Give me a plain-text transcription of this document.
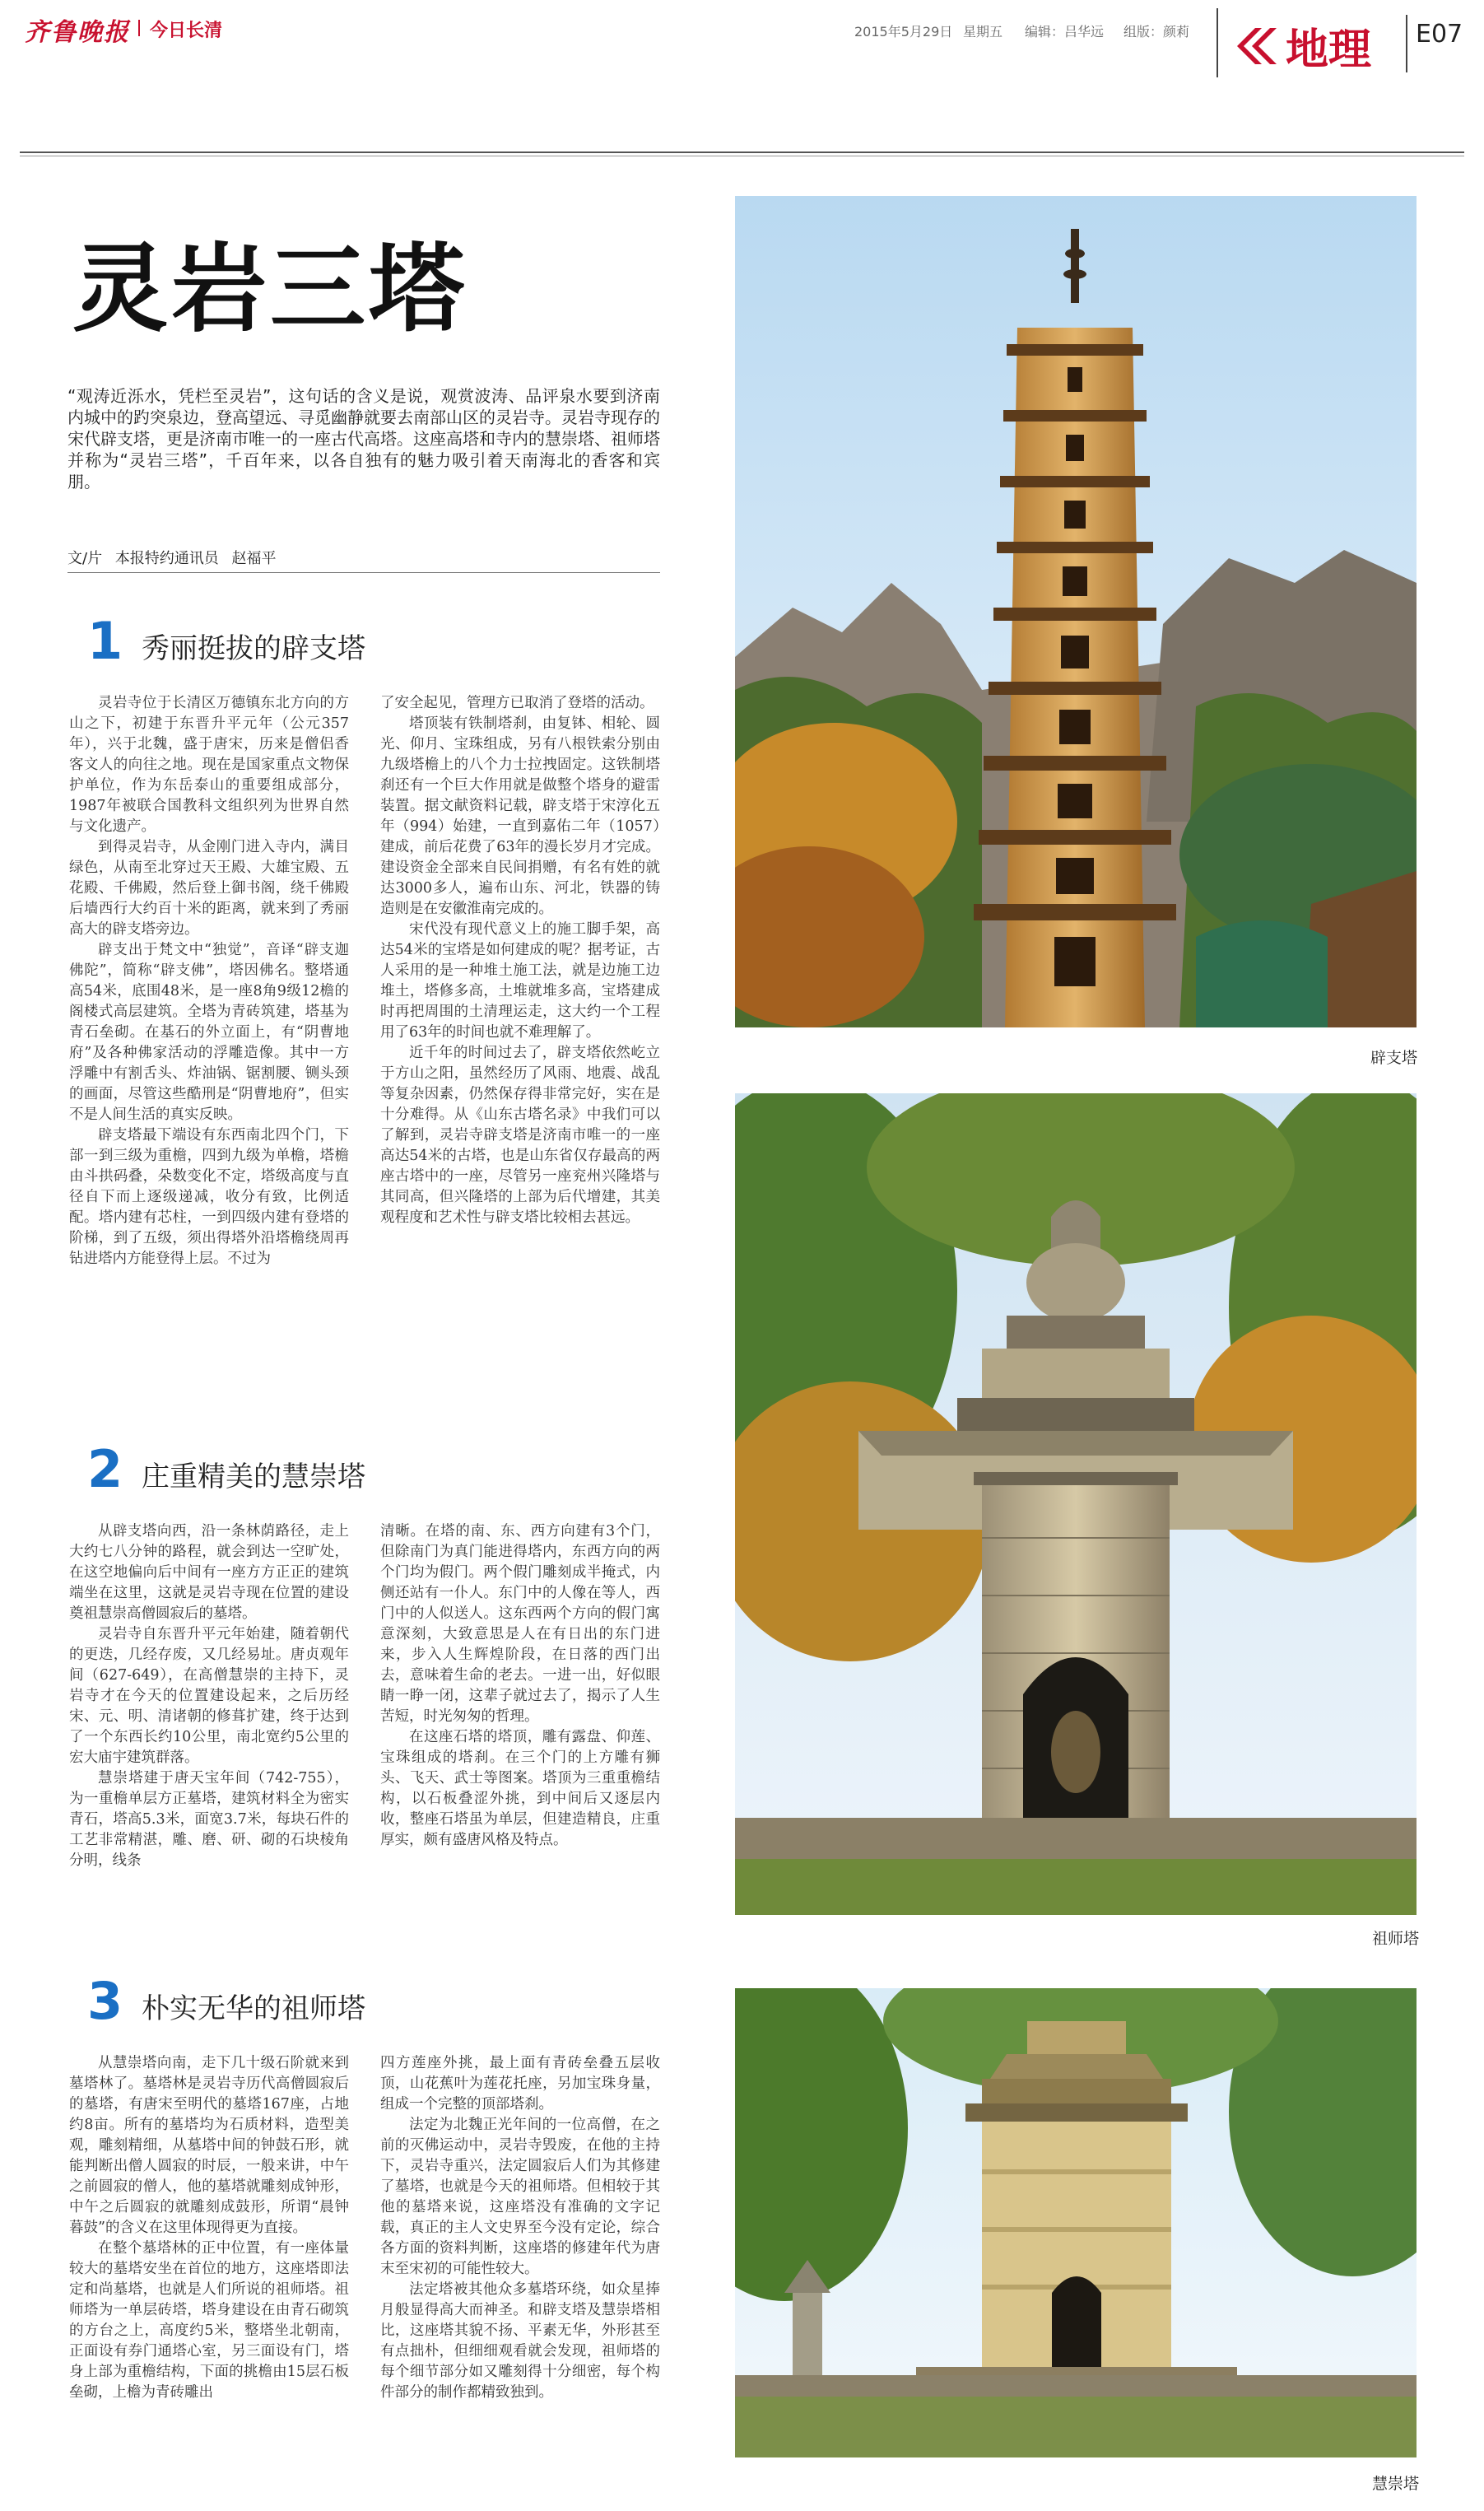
齐鲁晚报 今日长清	2015年5月29日 星期五 编辑：吕华远 组版：颜莉 地理 E07
灵岩三塔
“观涛近泺水，凭栏至灵岩”，这句话的含义是说，观赏波涛、品评泉水要到济南内城中的趵突泉边，登高望远、寻觅幽静就要去南部山区的灵岩寺。灵岩寺现存的宋代辟支塔，更是济南市唯一的一座古代高塔。这座高塔和寺内的慧崇塔、祖师塔并称为“灵岩三塔”，千百年来，以各自独有的魅力吸引着天南海北的香客和宾朋。
文/片 本报特约通讯员 赵福平
1 秀丽挺拔的辟支塔

灵岩寺位于长清区万德镇东北方向的方山之下，初建于东晋升平元年（公元357年），兴于北魏，盛于唐宋，历来是僧侣香客文人的向往之地。现在是国家重点文物保护单位，作为东岳泰山的重要组成部分，1987年被联合国教科文组织列为世界自然与文化遗产。

到得灵岩寺，从金刚门进入寺内，满目绿色，从南至北穿过天王殿、大雄宝殿、五花殿、千佛殿，然后登上御书阁，绕千佛殿后墙西行大约百十米的距离，就来到了秀丽高大的辟支塔旁边。

辟支出于梵文中“独觉”，音译“辟支迦佛陀”，简称“辟支佛”，塔因佛名。整塔通高54米，底围48米，是一座8角9级12檐的阁楼式高层建筑。全塔为青砖筑建，塔基为青石垒砌。在基石的外立面上，有“阴曹地府”及各种佛家活动的浮雕造像。其中一方浮雕中有割舌头、炸油锅、锯割腰、铡头颈的画面，尽管这些酷刑是“阴曹地府”，但实不是人间生活的真实反映。

辟支塔最下端设有东西南北四个门，下部一到三级为重檐，四到九级为单檐，塔檐由斗拱码叠，朵数变化不定，塔级高度与直径自下而上逐级递减，收分有致，比例适配。塔内建有芯柱，一到四级内建有登塔的阶梯，到了五级，须出得塔外沿塔檐绕周再钻进塔内方能登得上层。不过为

了安全起见，管理方已取消了登塔的活动。

塔顶装有铁制塔刹，由复钵、相轮、圆光、仰月、宝珠组成，另有八根铁索分别由九级塔檐上的八个力士拉拽固定。这铁制塔刹还有一个巨大作用就是做整个塔身的避雷装置。据文献资料记载，辟支塔于宋淳化五年（994）始建，一直到嘉佑二年（1057）建成，前后花费了63年的漫长岁月才完成。建设资金全部来自民间捐赠，有名有姓的就达3000多人，遍布山东、河北，铁器的铸造则是在安徽淮南完成的。

宋代没有现代意义上的施工脚手架，高达54米的宝塔是如何建成的呢？据考证，古人采用的是一种堆土施工法，就是边施工边堆土，塔修多高，土堆就堆多高，宝塔建成时再把周围的土清理运走，这大约一个工程用了63年的时间也就不难理解了。

近千年的时间过去了，辟支塔依然屹立于方山之阳，虽然经历了风雨、地震、战乱等复杂因素，仍然保存得非常完好，实在是十分难得。从《山东古塔名录》中我们可以了解到，灵岩寺辟支塔是济南市唯一的一座高达54米的古塔，也是山东省仅存最高的两座古塔中的一座，尽管另一座兖州兴隆塔与其同高，但兴隆塔的上部为后代增建，其美观程度和艺术性与辟支塔比较相去甚远。

2 庄重精美的慧崇塔

从辟支塔向西，沿一条林荫路径，走上大约七八分钟的路程，就会到达一空旷处，在这空地偏向后中间有一座方方正正的建筑端坐在这里，这就是灵岩寺现在位置的建设奠祖慧崇高僧圆寂后的墓塔。

灵岩寺自东晋升平元年始建，随着朝代的更迭，几经存废，又几经易址。唐贞观年间（627-649），在高僧慧崇的主持下，灵岩寺才在今天的位置建设起来，之后历经宋、元、明、清诸朝的修葺扩建，终于达到了一个东西长约10公里，南北宽约5公里的宏大庙宇建筑群落。

慧崇塔建于唐天宝年间（742-755），为一重檐单层方正墓塔，建筑材料全为密实青石，塔高5.3米，面宽3.7米，每块石件的工艺非常精湛，雕、磨、研、砌的石块棱角分明，线条

清晰。在塔的南、东、西方向建有3个门，但除南门为真门能进得塔内，东西方向的两个门均为假门。两个假门雕刻成半掩式，内侧还站有一仆人。东门中的人像在等人，西门中的人似送人。这东西两个方向的假门寓意深刻，大致意思是人在有日出的东门进来，步入人生辉煌阶段，在日落的西门出去，意味着生命的老去。一进一出，好似眼睛一睁一闭，这辈子就过去了，揭示了人生苦短，时光匆匆的哲理。

在这座石塔的塔顶，雕有露盘、仰莲、宝珠组成的塔刹。在三个门的上方雕有狮头、飞天、武士等图案。塔顶为三重重檐结构，以石板叠涩外挑，到中间后又逐层内收，整座石塔虽为单层，但建造精良，庄重厚实，颇有盛唐风格及特点。

3 朴实无华的祖师塔

从慧崇塔向南，走下几十级石阶就来到墓塔林了。墓塔林是灵岩寺历代高僧圆寂后的墓塔，有唐宋至明代的墓塔167座，占地约8亩。所有的墓塔均为石质材料，造型美观，雕刻精细，从墓塔中间的钟鼓石形，就能判断出僧人圆寂的时辰，一般来讲，中午之前圆寂的僧人，他的墓塔就雕刻成钟形，中午之后圆寂的就雕刻成鼓形，所谓“晨钟暮鼓”的含义在这里体现得更为直接。

在整个墓塔林的正中位置，有一座体量较大的墓塔安坐在首位的地方，这座塔即法定和尚墓塔，也就是人们所说的祖师塔。祖师塔为一单层砖塔，塔身建设在由青石砌筑的方台之上，高度约5米，整塔坐北朝南，正面设有券门通塔心室，另三面设有门，塔身上部为重檐结构，下面的挑檐由15层石板垒砌，上檐为青砖雕出

四方莲座外挑，最上面有青砖垒叠五层收顶，山花蕉叶为莲花托座，另加宝珠身量，组成一个完整的顶部塔刹。

法定为北魏正光年间的一位高僧，在之前的灭佛运动中，灵岩寺毁废，在他的主持下，灵岩寺重兴，法定圆寂后人们为其修建了墓塔，也就是今天的祖师塔。但相较于其他的墓塔来说，这座塔没有准确的文字记载，真正的主人文史界至今没有定论，综合各方面的资料判断，这座塔的修建年代为唐末至宋初的可能性较大。

法定塔被其他众多墓塔环绕，如众星捧月般显得高大而神圣。和辟支塔及慧崇塔相比，这座塔其貌不扬、平素无华，外形甚至有点拙朴，但细细观看就会发现，祖师塔的每个细节部分如又雕刻得十分细密，每个构件部分的制作都精致独到。

辟支塔
祖师塔
慧崇塔
